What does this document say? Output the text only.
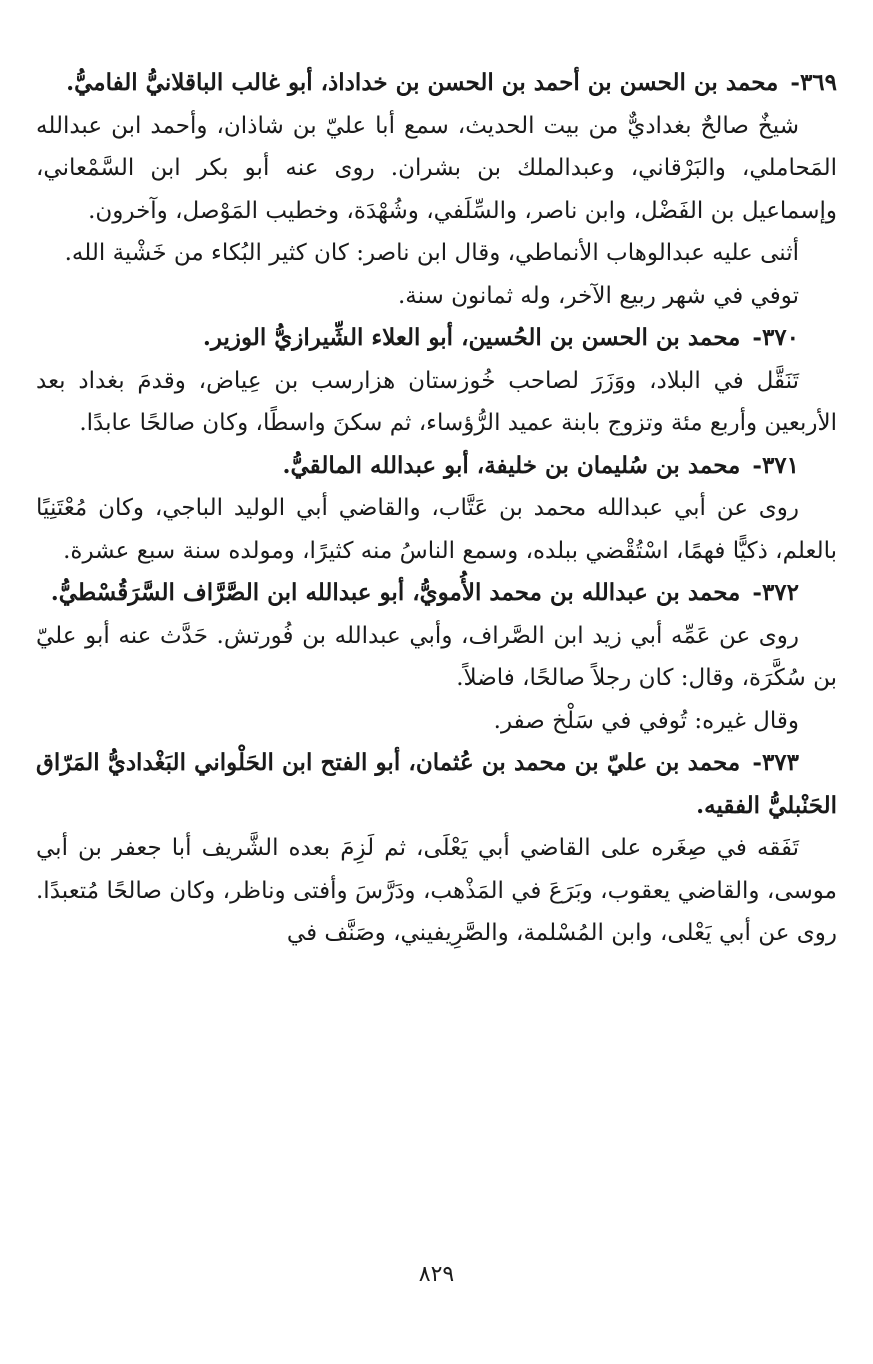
٣٦٩- محمد بن الحسن بن أحمد بن الحسن بن خداداذ، أبو غالب الباقلانيُّ الفاميُّ.

شيخٌ صالحٌ بغداديٌّ من بيت الحديث، سمع أبا عليّ بن شاذان، وأحمد ابن عبدالله المَحاملي، والبَرْقاني، وعبدالملك بن بشران. روى عنه أبو بكر ابن السَّمْعاني، وإسماعيل بن الفَضْل، وابن ناصر، والسِّلَفي، وشُهْدَة، وخطيب المَوْصل، وآخرون.

أثنى عليه عبدالوهاب الأنماطي، وقال ابن ناصر: كان كثير البُكاء من خَشْية الله.

توفي في شهر ربيع الآخر، وله ثمانون سنة.

٣٧٠- محمد بن الحسن بن الحُسين، أبو العلاء الشِّيرازيُّ الوزير.

تَنَقَّل في البلاد، ووَزَرَ لصاحب خُوزستان هزارسب بن عِياض، وقدمَ بغداد بعد الأربعين وأربع مئة وتزوج بابنة عميد الرُّؤساء، ثم سكنَ واسطًا، وكان صالحًا عابدًا.

٣٧١- محمد بن سُليمان بن خليفة، أبو عبدالله المالقيُّ.

روى عن أبي عبدالله محمد بن عَتَّاب، والقاضي أبي الوليد الباجي، وكان مُعْتَنِيًا بالعلم، ذكيًّا فهمًا، اسْتُقْضي ببلده، وسمع الناسُ منه كثيرًا، ومولده سنة سبع عشرة.

٣٧٢- محمد بن عبدالله بن محمد الأُمويُّ، أبو عبدالله ابن الصَّرَّاف السَّرَقُسْطيُّ.

روى عن عَمِّه أبي زيد ابن الصَّراف، وأبي عبدالله بن فُورتش. حَدَّث عنه أبو عليّ بن سُكَّرَة، وقال: كان رجلاً صالحًا، فاضلاً.

وقال غيره: تُوفي في سَلْخ صفر.

٣٧٣- محمد بن عليّ بن محمد بن عُثمان، أبو الفتح ابن الحَلْواني البَغْداديُّ المَرّاق الحَنْبليُّ الفقيه.

تَفَقه في صِغَره على القاضي أبي يَعْلَى، ثم لَزِمَ بعده الشَّريف أبا جعفر بن أبي موسى، والقاضي يعقوب، وبَرَعَ في المَذْهب، ودَرَّسَ وأفتى وناظر، وكان صالحًا مُتعبدًا. روى عن أبي يَعْلى، وابن المُسْلمة، والصَّرِيفيني، وصَنَّف في

٨٢٩
